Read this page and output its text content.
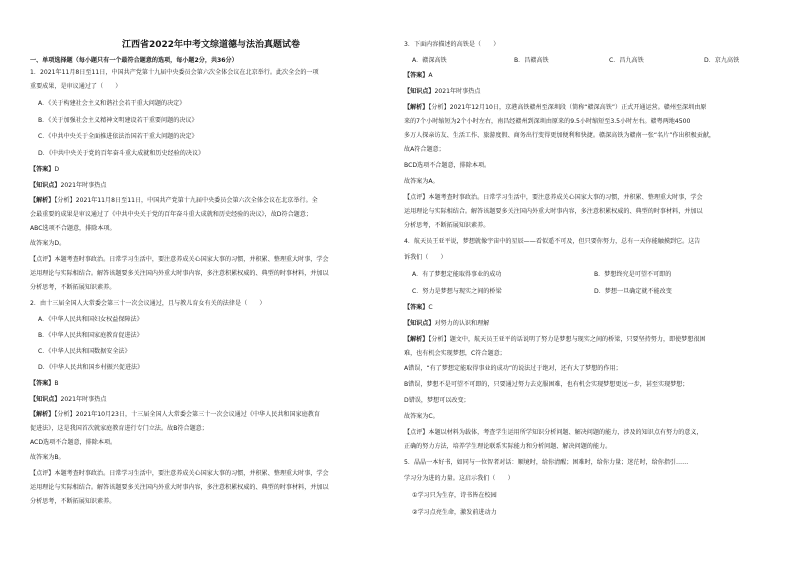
江西省2022年中考文综道德与法治真题试卷
一、单项选择题（每小题只有一个最符合题意的选项，每小题2分，共36分）
1．2021年11月8日至11日，中国共产党第十九届中央委员会第六次全体会议在北京举行。此次全会的一项
重要成果，是审议通过了（　　）
A．《关于构建社会主义和谐社会若干重大问题的决定》
B．《关于加强社会主义精神文明建设若干重要问题的决议》
C．《中共中央关于全面推进依法治国若干重大问题的决定》
D．《中共中央关于党的百年奋斗重大成就和历史经验的决议》
【答案】D
【知识点】2021年时事热点
【解析】【分析】2021年11月8日至11日，中国共产党第十九届中央委员会第六次全体会议在北京举行。全
会最重要的成果是审议通过了《中共中央关于党的百年奋斗重大成就和历史经验的决议》，故D符合题意；
ABC选项不合题意，排除本项。
故答案为D。
【点评】本题考查时事政治。日常学习生活中，要注意养成关心国家大事的习惯，并积累、整理重大时事，学会
运用理论与实际相结合。解答该题要多关注国内外重大时事内容，多注意积累权威的、典型的时事材料，并加以
分析思考，不断拓展知识素养。
2．由十三届全国人大常委会第三十一次会议通过，且与教儿育女有关的法律是（　　）
A．《中华人民共和国妇女权益保障法》
B．《中华人民共和国家庭教育促进法》
C．《中华人民共和国数据安全法》
D．《中华人民共和国乡村振兴促进法》
【答案】B
【知识点】2021年时事热点
【解析】【分析】2021年10月23日，十三届全国人大常委会第三十一次会议通过《中华人民共和国家庭教育
促进法》，这是我国首次就家庭教育进行专门立法。故B符合题意；
ACD选项不合题意，排除本项。
故答案为B。
【点评】本题考查时事政治。日常学习生活中，要注意养成关心国家大事的习惯，并积累、整理重大时事，学会
运用理论与实际相结合。解答该题要多关注国内外重大时事内容，多注意积累权威的、典型的时事材料，并加以
分析思考，不断拓展知识素养。
3．下面内容描述的高铁是（　　）
A．赣深高铁	B．昌赣高铁	C．昌九高铁	D．京九高铁
【答案】A
【知识点】2021年时事热点
【解析】【分析】2021年12月10日，京港高铁赣州至深圳段（简称“赣深高铁”）正式开通运营。赣州至深圳由原
来的7个小时缩短为2个小时左右，南昌经赣州到深圳由原来的9.5小时缩短至3.5小时左右。赣粤两地4500
多万人探亲访友、生活工作、旅游度假、商务出行变得更加便利和快捷。赣深高铁为赣南一张“名片”作出积极贡献，
故A符合题意；
BCD选项不合题意，排除本项。
故答案为A。
【点评】本题考查时事政治。日常学习生活中，要注意养成关心国家大事的习惯，并积累、整理重大时事，学会
运用理论与实际相结合。解答该题要多关注国内外重大时事内容，多注意积累权威的、典型的时事材料，并加以
分析思考，不断拓展知识素养。
4．航天员王亚平说，梦想就像宇宙中的星辰——看似遥不可及，但只要你努力，总有一天你能触摸到它。这告
诉我们（　　）
A．有了梦想定能取得事业的成功	B．梦想终究是可望不可即的
C．努力是梦想与现实之间的桥梁	D．梦想一旦确定就不能改变
【答案】C
【知识点】对努力的认识和理解
【解析】【分析】题文中，航天员王亚平的话说明了努力是梦想与现实之间的桥梁，只要坚持努力，即使梦想很困
难，也有机会实现梦想，C符合题意；
A错误，“有了梦想定能取得事业的成功”的说法过于绝对，还有大了梦想的作用；
B错误，梦想不是可望不可即的，只要通过努力去克服困难，也有机会实现梦想更远一步，甚至实现梦想；
D错误，梦想可以改变；
故答案为C。
【点评】本题以材料为载体，考查学生运用所学知识分析问题、解决问题的能力，涉及的知识点有努力的意义，
正确的努力方法，培养学生理论联系实际能力和分析问题、解决问题的能力。
5．晶晶一本好书，如同与一位智者对话：顺境时，给你清醒；困难时，给你力量；迷茫时，给你指引……
学习分为进的力量。这启示我们（　　）
①学习只为生存，诗书皆在校园
②学习点亮生命，激发前进动力
